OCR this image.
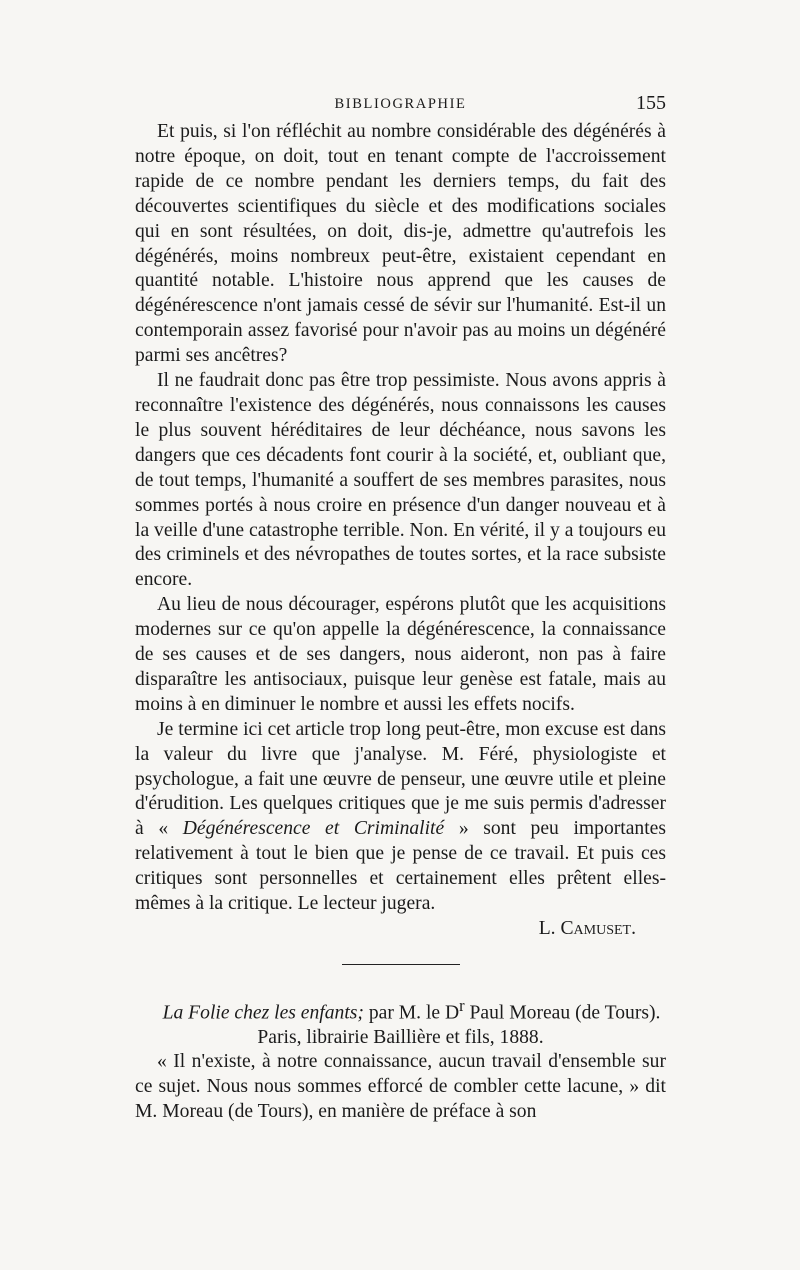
BIBLIOGRAPHIE	155

Et puis, si l'on réfléchit au nombre considérable des dégénérés à notre époque, on doit, tout en tenant compte de l'accroissement rapide de ce nombre pendant les derniers temps, du fait des découvertes scientifiques du siècle et des modifications sociales qui en sont résultées, on doit, dis-je, admettre qu'autrefois les dégénérés, moins nombreux peut-être, existaient cependant en quantité notable. L'histoire nous apprend que les causes de dégénérescence n'ont jamais cessé de sévir sur l'humanité. Est-il un contemporain assez favorisé pour n'avoir pas au moins un dégénéré parmi ses ancêtres?

Il ne faudrait donc pas être trop pessimiste. Nous avons appris à reconnaître l'existence des dégénérés, nous connaissons les causes le plus souvent héréditaires de leur déchéance, nous savons les dangers que ces décadents font courir à la société, et, oubliant que, de tout temps, l'humanité a souffert de ses membres parasites, nous sommes portés à nous croire en présence d'un danger nouveau et à la veille d'une catastrophe terrible. Non. En vérité, il y a toujours eu des criminels et des névropathes de toutes sortes, et la race subsiste encore.

Au lieu de nous décourager, espérons plutôt que les acquisitions modernes sur ce qu'on appelle la dégénérescence, la connaissance de ses causes et de ses dangers, nous aideront, non pas à faire disparaître les antisociaux, puisque leur genèse est fatale, mais au moins à en diminuer le nombre et aussi les effets nocifs.

Je termine ici cet article trop long peut-être, mon excuse est dans la valeur du livre que j'analyse. M. Féré, physiologiste et psychologue, a fait une œuvre de penseur, une œuvre utile et pleine d'érudition. Les quelques critiques que je me suis permis d'adresser à « Dégénérescence et Criminalité » sont peu importantes relativement à tout le bien que je pense de ce travail. Et puis ces critiques sont personnelles et certainement elles prêtent elles-mêmes à la critique. Le lecteur jugera.

L. Camuset.

La Folie chez les enfants; par M. le $D^r$ Paul Moreau (de Tours).
Paris, librairie Baillière et fils, 1888.

« Il n'existe, à notre connaissance, aucun travail d'ensemble sur ce sujet. Nous nous sommes efforcé de combler cette lacune, » dit M. Moreau (de Tours), en manière de préface à son
